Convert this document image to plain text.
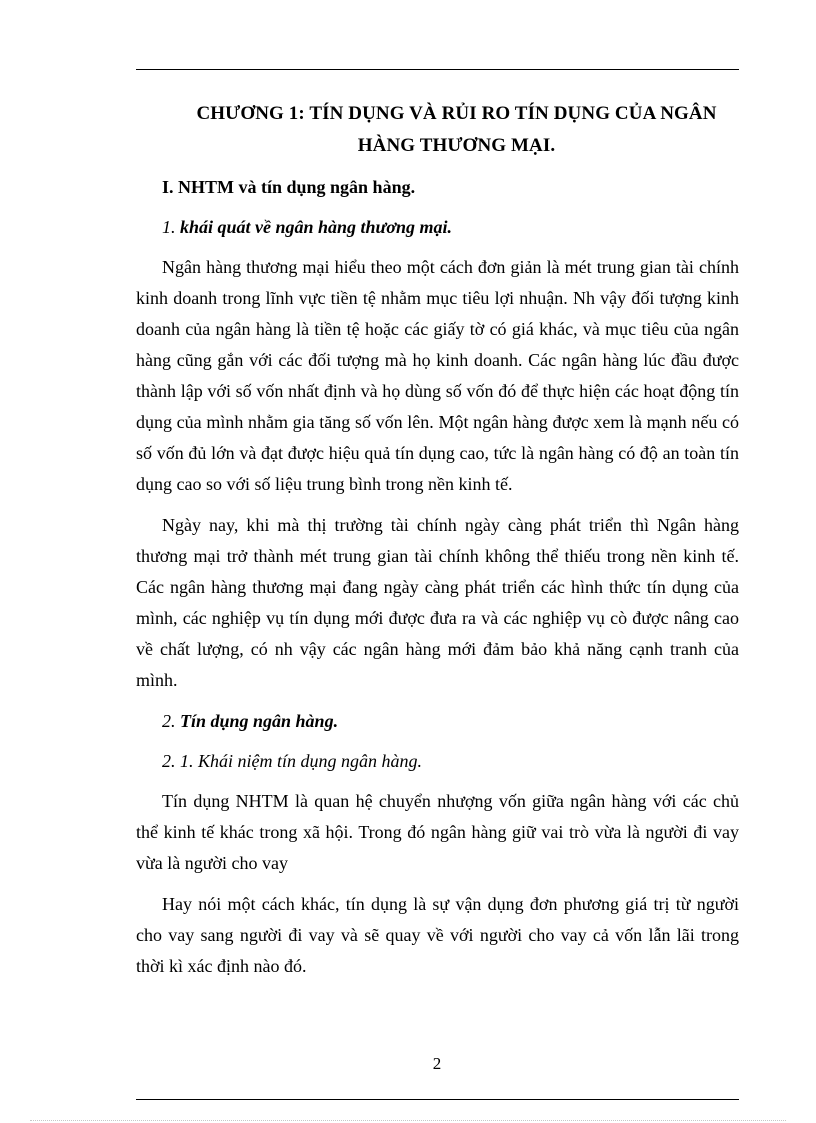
CHƯƠNG 1: TÍN DỤNG VÀ RỦI RO TÍN DỤNG CỦA NGÂN HÀNG THƯƠNG MẠI.
I. NHTM và tín dụng ngân hàng.
1. khái quát về ngân hàng thương mại.

Ngân hàng thương mại hiểu theo một cách đơn giản là mét trung gian tài chính kinh doanh trong lĩnh vực tiền tệ nhằm mục tiêu lợi nhuận. Nh vậy đối tượng kinh doanh của ngân hàng là tiền tệ hoặc các giấy tờ có giá khác, và mục tiêu của ngân hàng cũng gắn với các đối tượng mà họ kinh doanh. Các ngân hàng lúc đầu được thành lập với số vốn nhất định và họ dùng số vốn đó để thực hiện các hoạt động tín dụng của mình nhằm gia tăng số vốn lên. Một ngân hàng được xem là mạnh nếu có số vốn đủ lớn và đạt được hiệu quả tín dụng cao, tức là ngân hàng có độ an toàn tín dụng cao so với số liệu trung bình trong nền kinh tế.

Ngày nay, khi mà thị trường tài chính ngày càng phát triển thì Ngân hàng thương mại trở thành mét trung gian tài chính không thể thiếu trong nền kinh tế. Các ngân hàng thương mại đang ngày càng phát triển các hình thức tín dụng của mình, các nghiệp vụ tín dụng mới được đưa ra và các nghiệp vụ cò được nâng cao về chất lượng, có nh vậy các ngân hàng mới đảm bảo khả năng cạnh tranh của mình.

2. Tín dụng ngân hàng.
2. 1. Khái niệm tín dụng ngân hàng.

Tín dụng NHTM là quan hệ chuyển nhượng vốn giữa ngân hàng với các chủ thể kinh tế khác trong xã hội. Trong đó ngân hàng giữ vai trò vừa là người đi vay vừa là người cho vay

Hay nói một cách khác, tín dụng là sự vận dụng đơn phương giá trị từ người cho vay sang người đi vay và sẽ quay về với người cho vay cả vốn lẫn lãi trong thời kì xác định nào đó.

2
